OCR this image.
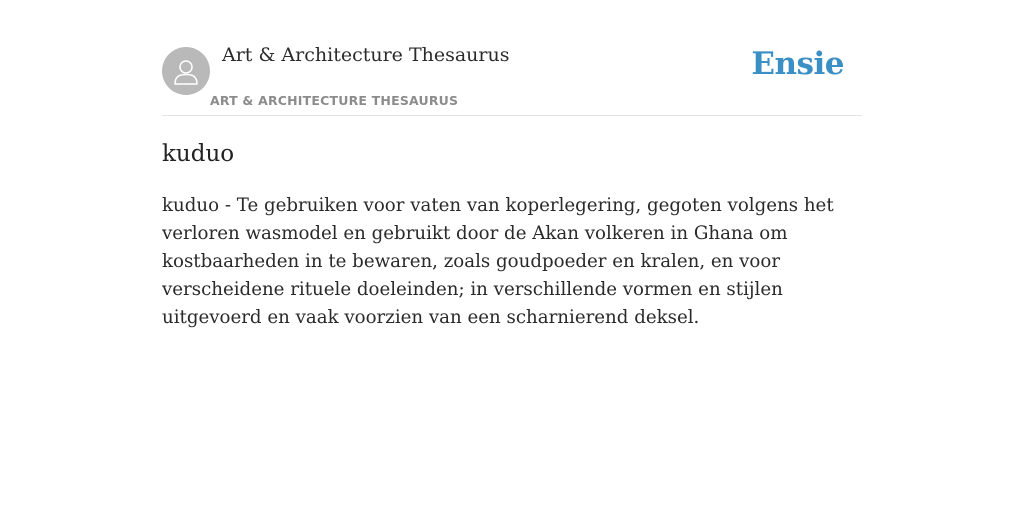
Art & Architecture Thesaurus
ART & ARCHITECTURE THESAURUS
Ensie
kuduo

kuduo - Te gebruiken voor vaten van koperlegering, gegoten volgens het verloren wasmodel en gebruikt door de Akan volkeren in Ghana om kostbaarheden in te bewaren, zoals goudpoeder en kralen, en voor verscheidene rituele doeleinden; in verschillende vormen en stijlen uitgevoerd en vaak voorzien van een scharnierend deksel.
